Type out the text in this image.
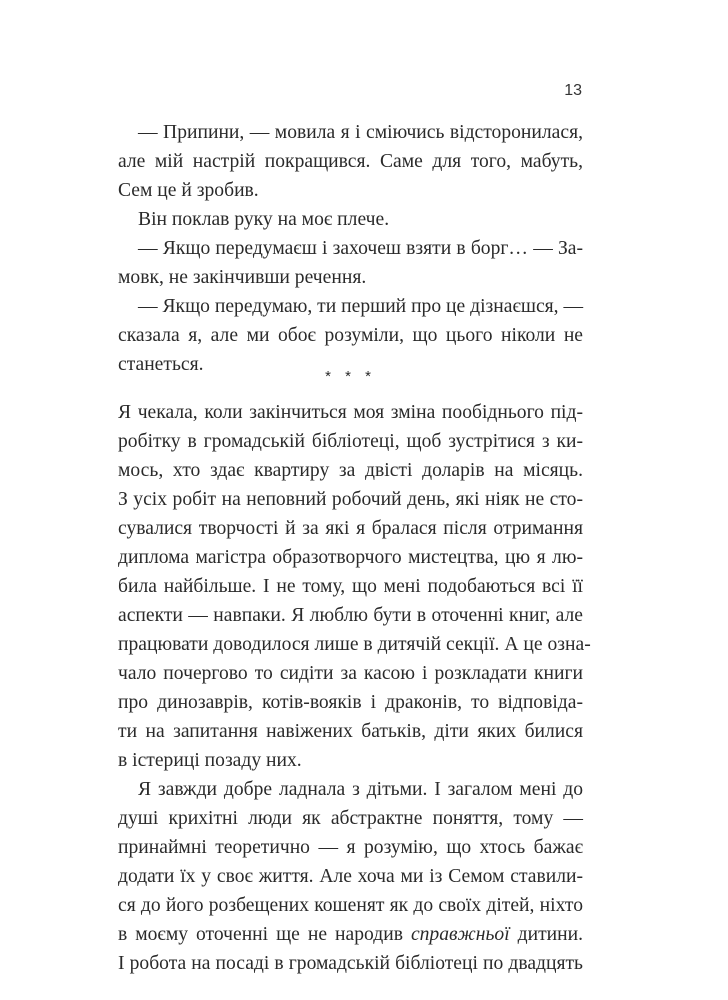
13
— Припини, — мовила я і сміючись відсторонилася,
але мій настрій покращився. Саме для того, мабуть,
Сем це й зробив.
Він поклав руку на моє плече.
— Якщо передумаєш і захочеш взяти в борг… — За-
мовк, не закінчивши речення.
— Якщо передумаю, ти перший про це дізнаєшся, —
сказала я, але ми обоє розуміли, що цього ніколи не
станеться.
* * *
Я чекала, коли закінчиться моя зміна пообіднього під-
робітку в громадській бібліотеці, щоб зустрітися з ки-
мось, хто здає квартиру за двісті доларів на місяць.
З усіх робіт на неповний робочий день, які ніяк не сто-
сувалися творчості й за які я бралася після отримання
диплома магістра образотворчого мистецтва, цю я лю-
била найбільше. І не тому, що мені подобаються всі її
аспекти — навпаки. Я люблю бути в оточенні книг, але
працювати доводилося лише в дитячій секції. А це озна-
чало почергово то сидіти за касою і розкладати книги
про динозаврів, котів-вояків і драконів, то відповіда-
ти на запитання навіжених батьків, діти яких билися
в істериці позаду них.
Я завжди добре ладнала з дітьми. І загалом мені до
душі крихітні люди як абстрактне поняття, тому —
принаймні теоретично — я розумію, що хтось бажає
додати їх у своє життя. Але хоча ми із Семом ставили-
ся до його розбещених кошенят як до своїх дітей, ніхто
в моєму оточенні ще не народив справжньої дитини.
І робота на посаді в громадській бібліотеці по двадцять
